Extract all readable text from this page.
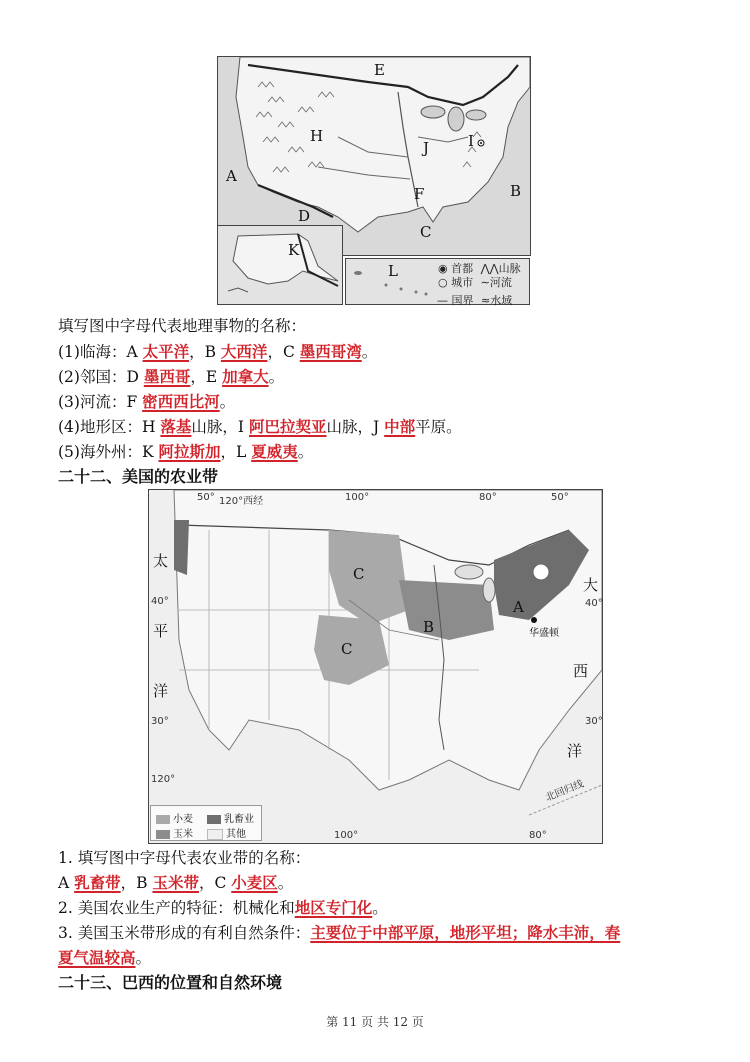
A
B
C
D
E
F
H	I
J
K
L	◉ 首都 ⋀⋀山脉
○ 城市 ∼河流
— 国界 ≈水域
填写图中字母代表地理事物的名称：
(1)临海：A 太平洋，B 大西洋，C 墨西哥湾。
(2)邻国：D 墨西哥，E 加拿大。
(3)河流：F 密西西比河。
(4)地形区：H 落基山脉，I 阿巴拉契亚山脉，J 中部平原。
(5)海外州：K 阿拉斯加，L 夏威夷。
二十二、美国的农业带
50° 120°西经	100°	80°	50°
100°	80°
40°
30°
120°
40°
30°
太
平
洋
大
西
洋
A
B
C
C
华盛顿
北回归线
小麦	乳畜业
玉米	其他
1. 填写图中字母代表农业带的名称：
A 乳畜带，B 玉米带，C 小麦区。
2. 美国农业生产的特征：机械化和地区专门化。
3. 美国玉米带形成的有利自然条件：主要位于中部平原，地形平坦；降水丰沛，春
夏气温较高。
二十三、巴西的位置和自然环境
第 11 页 共 12 页
